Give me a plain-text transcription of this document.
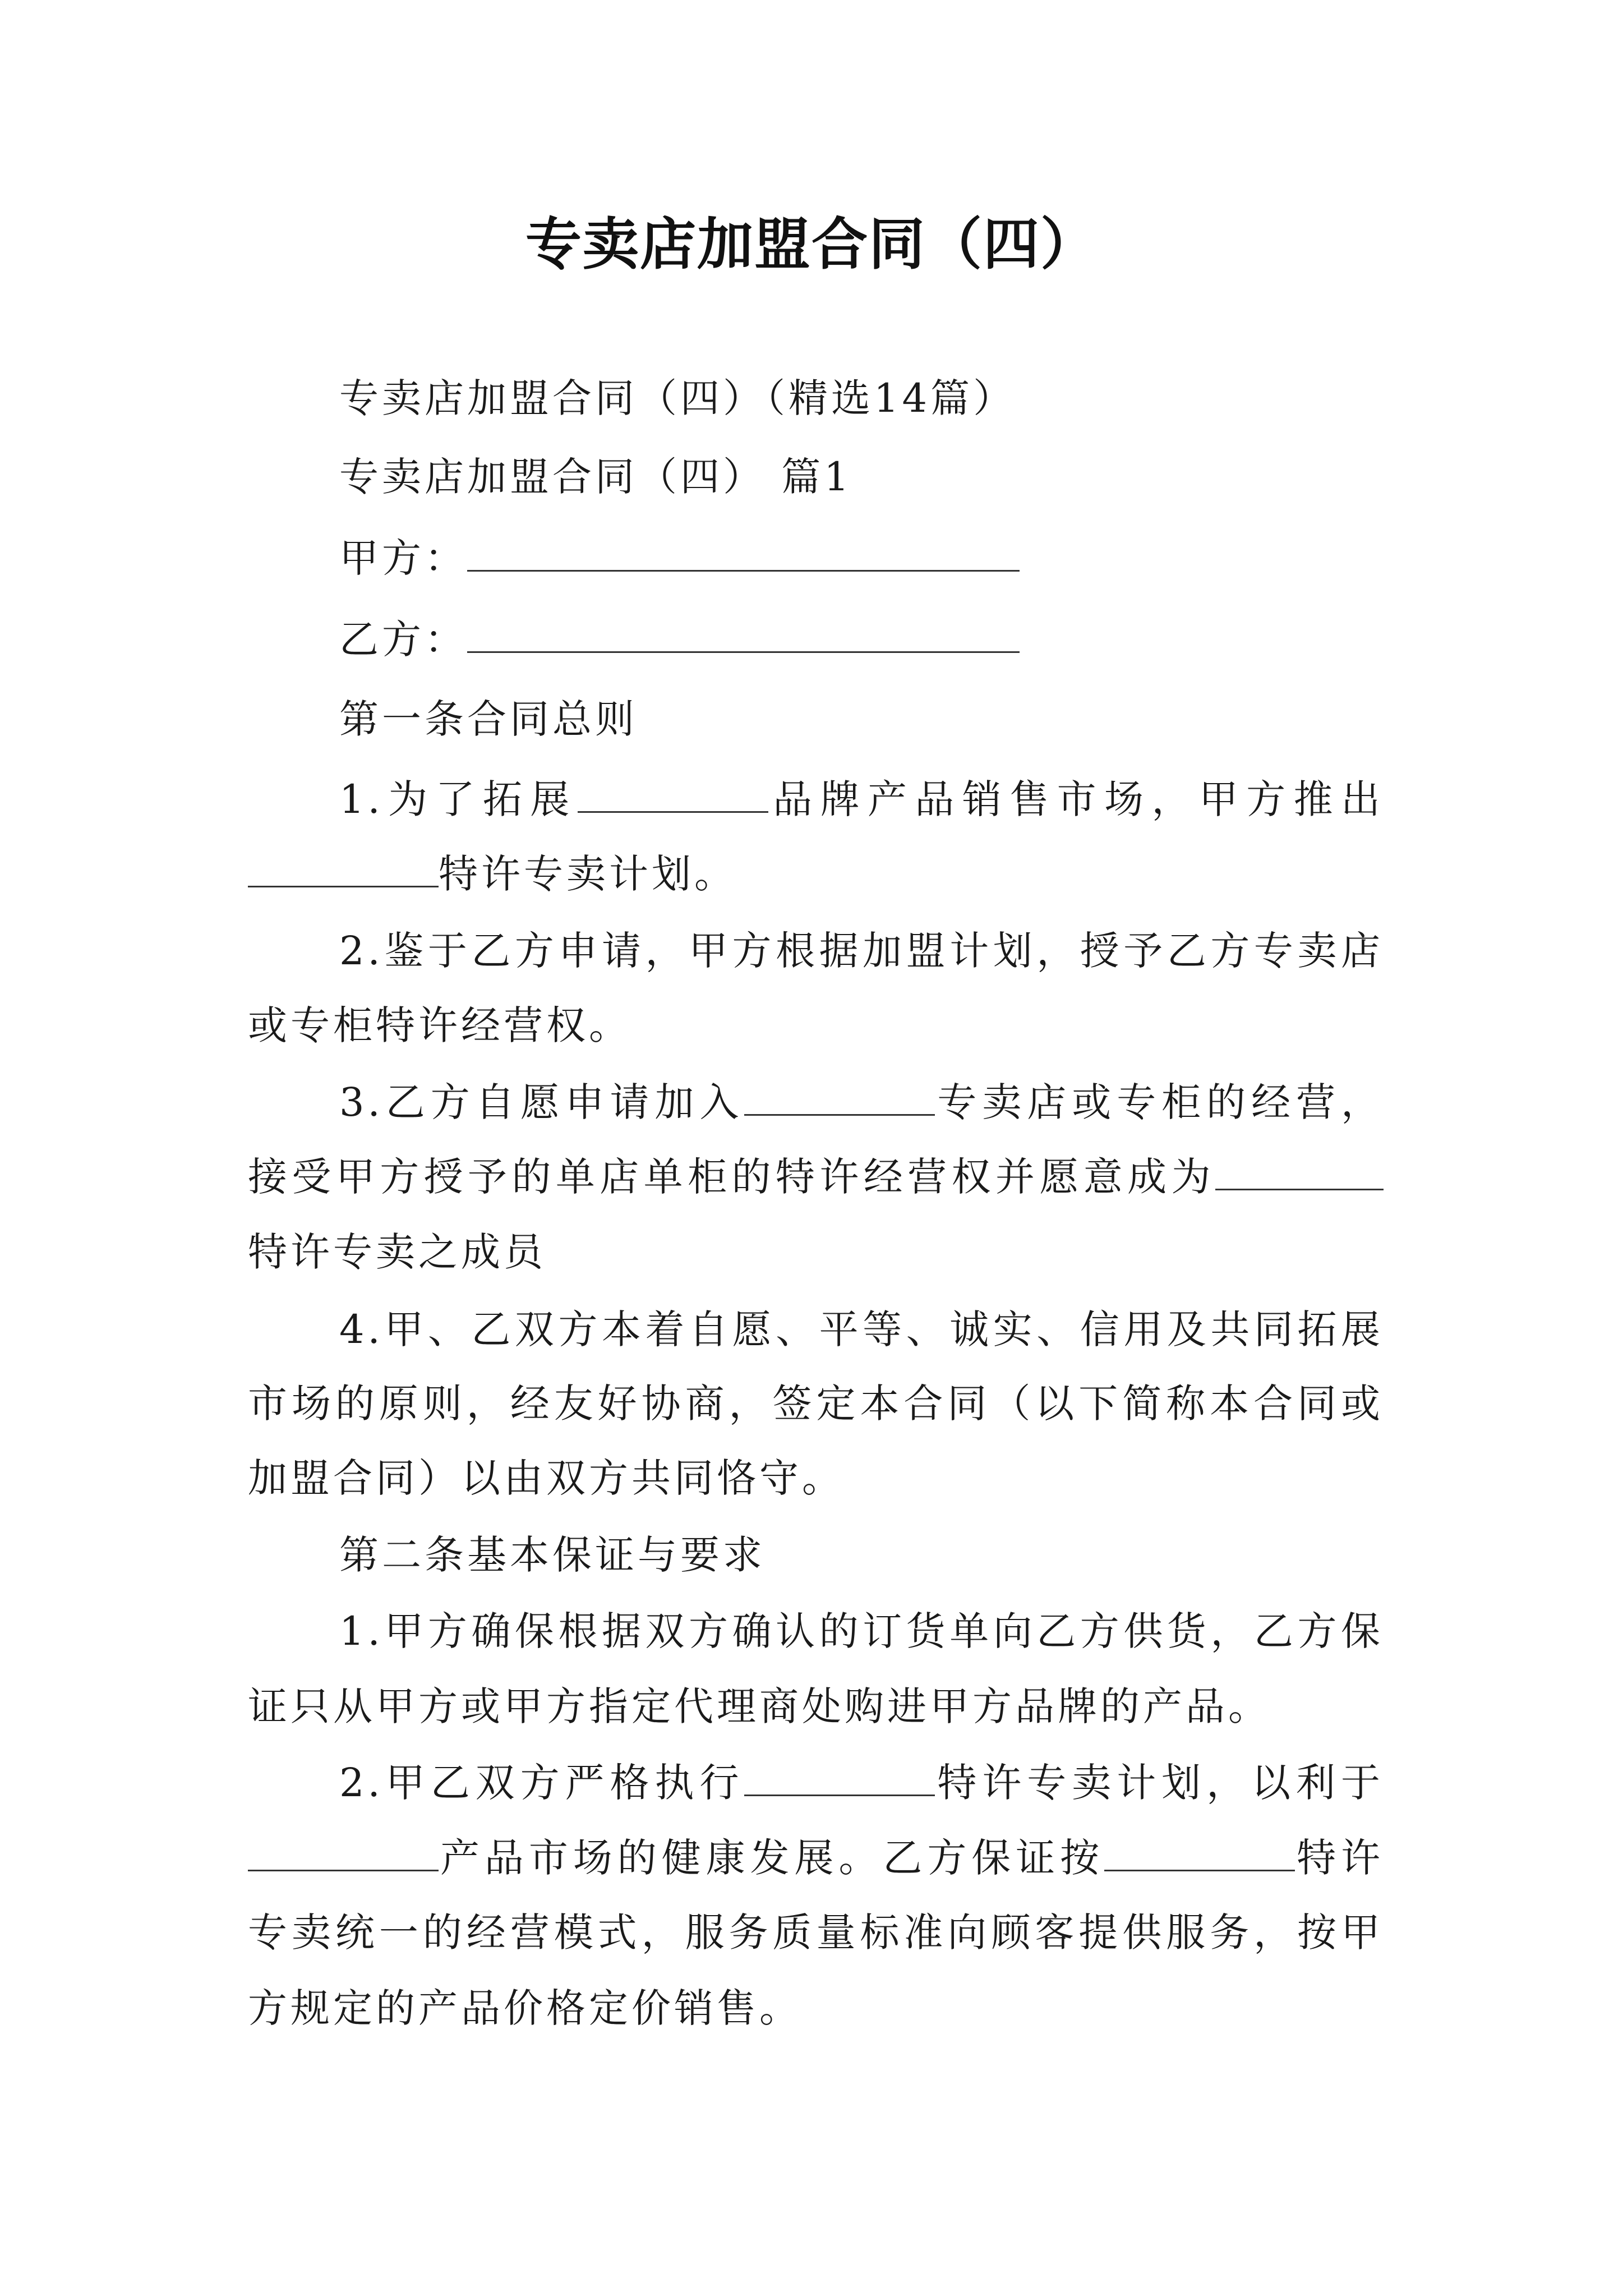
专卖店加盟合同（四）
专卖店加盟合同（四）（精选14篇）
专卖店加盟合同（四） 篇1
甲方：
乙方：
第一条合同总则
1.为了拓展	品牌产品销售市场，甲方推出
特许专卖计划。
2.鉴于乙方申请，甲方根据加盟计划，授予乙方专卖店
或专柜特许经营权。
3.乙方自愿申请加入	专卖店或专柜的经营，
接受甲方授予的单店单柜的特许经营权并愿意成为
特许专卖之成员
4.甲、乙双方本着自愿、平等、诚实、信用及共同拓展
市场的原则，经友好协商，签定本合同（以下简称本合同或
加盟合同）以由双方共同恪守。
第二条基本保证与要求
1.甲方确保根据双方确认的订货单向乙方供货，乙方保
证只从甲方或甲方指定代理商处购进甲方品牌的产品。
2.甲乙双方严格执行	特许专卖计划，以利于
产品市场的健康发展。乙方保证按	特许
专卖统一的经营模式，服务质量标准向顾客提供服务，按甲
方规定的产品价格定价销售。
